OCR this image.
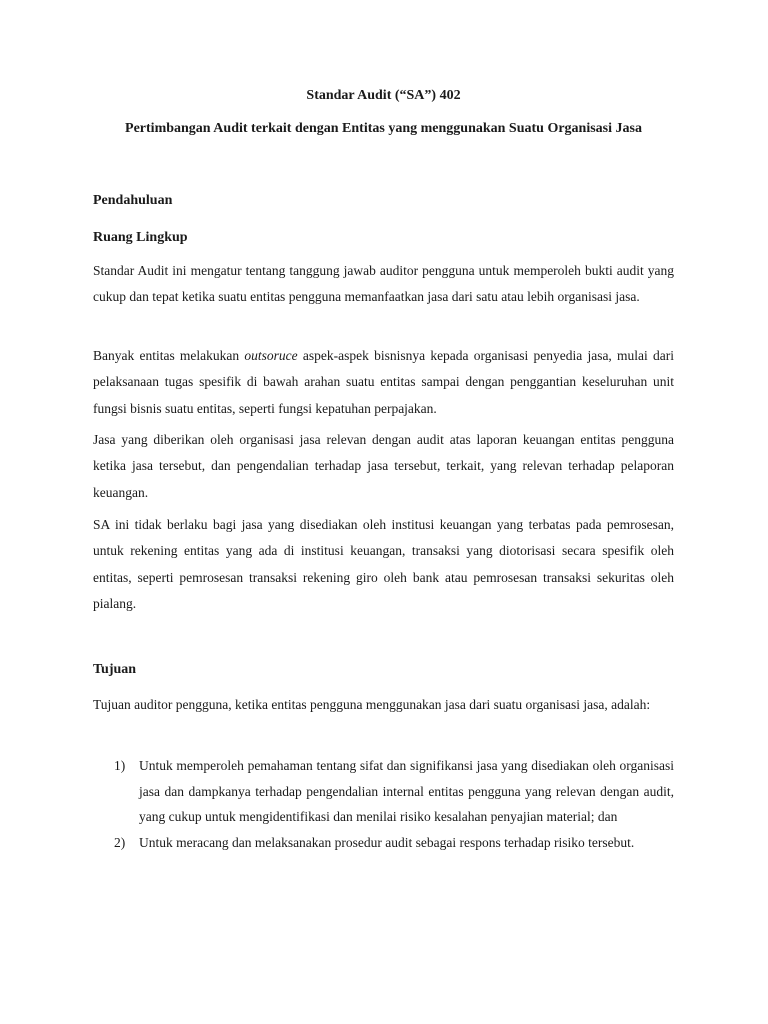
Standar Audit (“SA”) 402
Pertimbangan Audit terkait dengan Entitas yang menggunakan Suatu Organisasi Jasa
Pendahuluan
Ruang Lingkup

Standar Audit ini mengatur tentang tanggung jawab auditor pengguna untuk memperoleh bukti audit yang cukup dan tepat ketika suatu entitas pengguna memanfaatkan jasa dari satu atau lebih organisasi jasa.

Banyak entitas melakukan outsoruce aspek-aspek bisnisnya kepada organisasi penyedia jasa, mulai dari pelaksanaan tugas spesifik di bawah arahan suatu entitas sampai dengan penggantian keseluruhan unit fungsi bisnis suatu entitas, seperti fungsi kepatuhan perpajakan.

Jasa yang diberikan oleh organisasi jasa relevan dengan audit atas laporan keuangan entitas pengguna ketika jasa tersebut, dan pengendalian terhadap jasa tersebut, terkait, yang relevan terhadap pelaporan keuangan.

SA ini tidak berlaku bagi jasa yang disediakan oleh institusi keuangan yang terbatas pada pemrosesan, untuk rekening entitas yang ada di institusi keuangan, transaksi yang diotorisasi secara spesifik oleh entitas, seperti pemrosesan transaksi rekening giro oleh bank atau pemrosesan transaksi sekuritas oleh pialang.

Tujuan

Tujuan auditor pengguna, ketika entitas pengguna menggunakan jasa dari suatu organisasi jasa, adalah:

1) Untuk memperoleh pemahaman tentang sifat dan signifikansi jasa yang disediakan oleh organisasi jasa dan dampkanya terhadap pengendalian internal entitas pengguna yang relevan dengan audit, yang cukup untuk mengidentifikasi dan menilai risiko kesalahan penyajian material; dan
2) Untuk meracang dan melaksanakan prosedur audit sebagai respons terhadap risiko tersebut.
